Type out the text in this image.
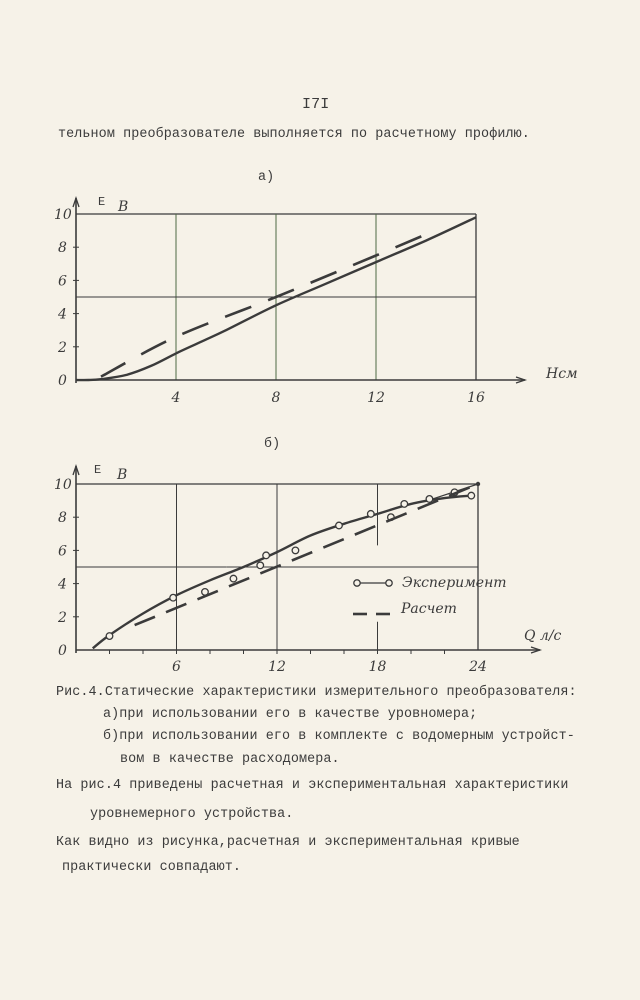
I7I
тельном преобразователе выполняется по расчетному профилю.
а)
б)
0
2
4
6
8
10
4	8	12	16
E В
Hсм
0
2
4
6
8
10
6	12	18	24
E В
Q л/с
Эксперимент
Расчет
Рис.4.Статические характеристики измерительного преобразователя:
а)при использовании его в качестве уровномера;
б)при использовании его в комплекте с водомерным устройст-
вом в качестве расходомера.
На рис.4 приведены расчетная и экспериментальная характеристики
уровнемерного устройства.
Как видно из рисунка,расчетная и экспериментальная кривые
практически совпадают.
